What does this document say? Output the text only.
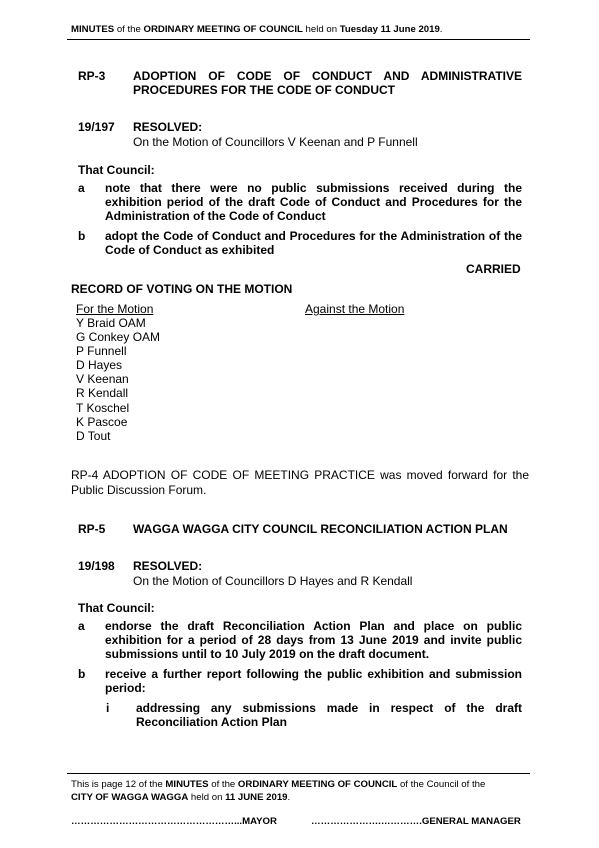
MINUTES of the ORDINARY MEETING OF COUNCIL held on Tuesday 11 June 2019.
RP-3 ADOPTION OF CODE OF CONDUCT AND ADMINISTRATIVE
PROCEDURES FOR THE CODE OF CONDUCT
19/197 RESOLVED:
On the Motion of Councillors V Keenan and P Funnell
That Council:
a note that there were no public submissions received during the exhibition period of the draft Code of Conduct and Procedures for the Administration of the Code of Conduct
b adopt the Code of Conduct and Procedures for the Administration of the Code of Conduct as exhibited
CARRIED
RECORD OF VOTING ON THE MOTION
For the Motion	Against the Motion
Y Braid OAM
G Conkey OAM
P Funnell
D Hayes
V Keenan
R Kendall
T Koschel
K Pascoe
D Tout
RP-4 ADOPTION OF CODE OF MEETING PRACTICE was moved forward for the Public Discussion Forum.
RP-5 WAGGA WAGGA CITY COUNCIL RECONCILIATION ACTION PLAN
19/198 RESOLVED:
On the Motion of Councillors D Hayes and R Kendall
That Council:
a endorse the draft Reconciliation Action Plan and place on public exhibition for a period of 28 days from 13 June 2019 and invite public submissions until to 10 July 2019 on the draft document.
b receive a further report following the public exhibition and submission period:
i addressing any submissions made in respect of the draft Reconciliation Action Plan
This is page 12 of the MINUTES of the ORDINARY MEETING OF COUNCIL of the Council of the
CITY OF WAGGA WAGGA held on 11 JUNE 2019.
……………………………………………...MAYOR	………………….………….GENERAL MANAGER
